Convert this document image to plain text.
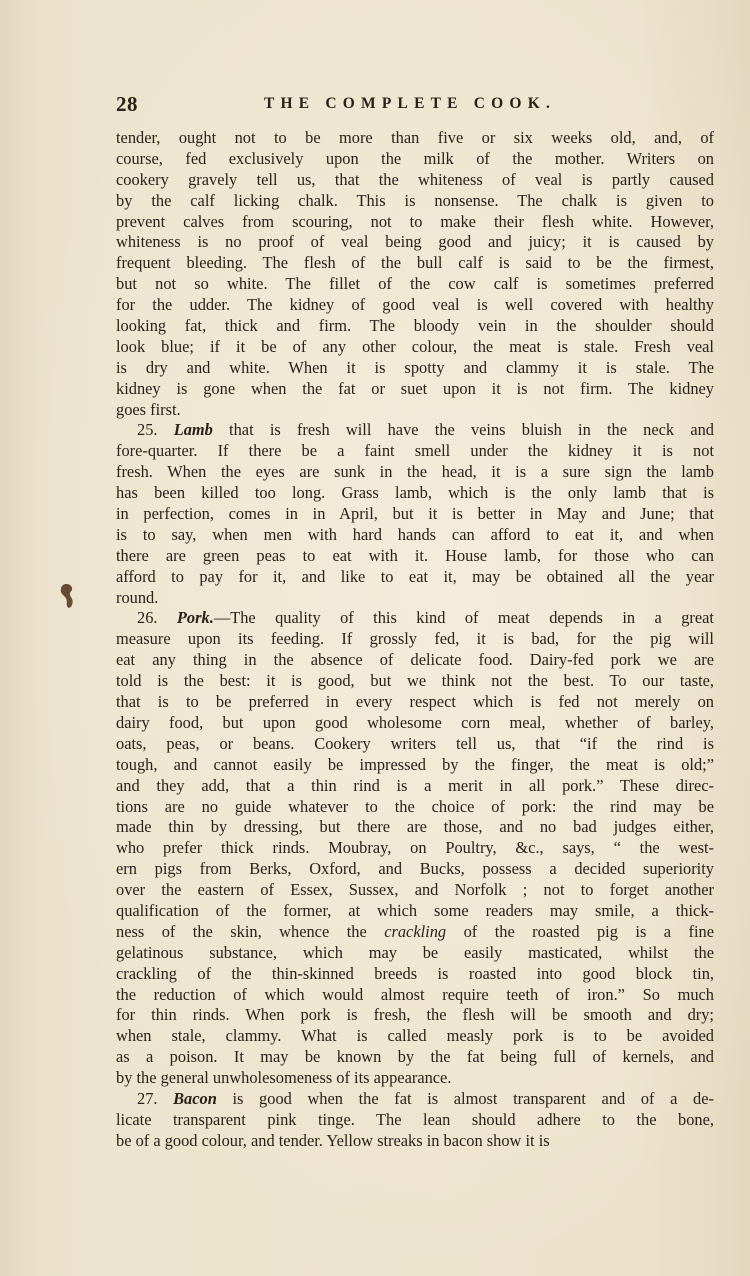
28	THE COMPLETE COOK.
tender, ought not to be more than five or six weeks old, and, of
course, fed exclusively upon the milk of the mother. Writers on
cookery gravely tell us, that the whiteness of veal is partly caused
by the calf licking chalk. This is nonsense. The chalk is given to
prevent calves from scouring, not to make their flesh white. However,
whiteness is no proof of veal being good and juicy; it is caused by
frequent bleeding. The flesh of the bull calf is said to be the firmest,
but not so white. The fillet of the cow calf is sometimes preferred
for the udder. The kidney of good veal is well covered with healthy
looking fat, thick and firm. The bloody vein in the shoulder should
look blue; if it be of any other colour, the meat is stale. Fresh veal
is dry and white. When it is spotty and clammy it is stale. The
kidney is gone when the fat or suet upon it is not firm. The kidney
goes first.
25. Lamb that is fresh will have the veins bluish in the neck and
fore-quarter. If there be a faint smell under the kidney it is not
fresh. When the eyes are sunk in the head, it is a sure sign the lamb
has been killed too long. Grass lamb, which is the only lamb that is
in perfection, comes in in April, but it is better in May and June; that
is to say, when men with hard hands can afford to eat it, and when
there are green peas to eat with it. House lamb, for those who can
afford to pay for it, and like to eat it, may be obtained all the year
round.
26. Pork.—The quality of this kind of meat depends in a great
measure upon its feeding. If grossly fed, it is bad, for the pig will
eat any thing in the absence of delicate food. Dairy-fed pork we are
told is the best: it is good, but we think not the best. To our taste,
that is to be preferred in every respect which is fed not merely on
dairy food, but upon good wholesome corn meal, whether of barley,
oats, peas, or beans. Cookery writers tell us, that “if the rind is
tough, and cannot easily be impressed by the finger, the meat is old;”
and they add, that a thin rind is a merit in all pork.” These direc-
tions are no guide whatever to the choice of pork: the rind may be
made thin by dressing, but there are those, and no bad judges either,
who prefer thick rinds. Moubray, on Poultry, &c., says, “ the west-
ern pigs from Berks, Oxford, and Bucks, possess a decided superiority
over the eastern of Essex, Sussex, and Norfolk ; not to forget another
qualification of the former, at which some readers may smile, a thick-
ness of the skin, whence the crackling of the roasted pig is a fine
gelatinous substance, which may be easily masticated, whilst the
crackling of the thin-skinned breeds is roasted into good block tin,
the reduction of which would almost require teeth of iron.” So much
for thin rinds. When pork is fresh, the flesh will be smooth and dry;
when stale, clammy. What is called measly pork is to be avoided
as a poison. It may be known by the fat being full of kernels, and
by the general unwholesomeness of its appearance.
27. Bacon is good when the fat is almost transparent and of a de-
licate transparent pink tinge. The lean should adhere to the bone,
be of a good colour, and tender. Yellow streaks in bacon show it is
